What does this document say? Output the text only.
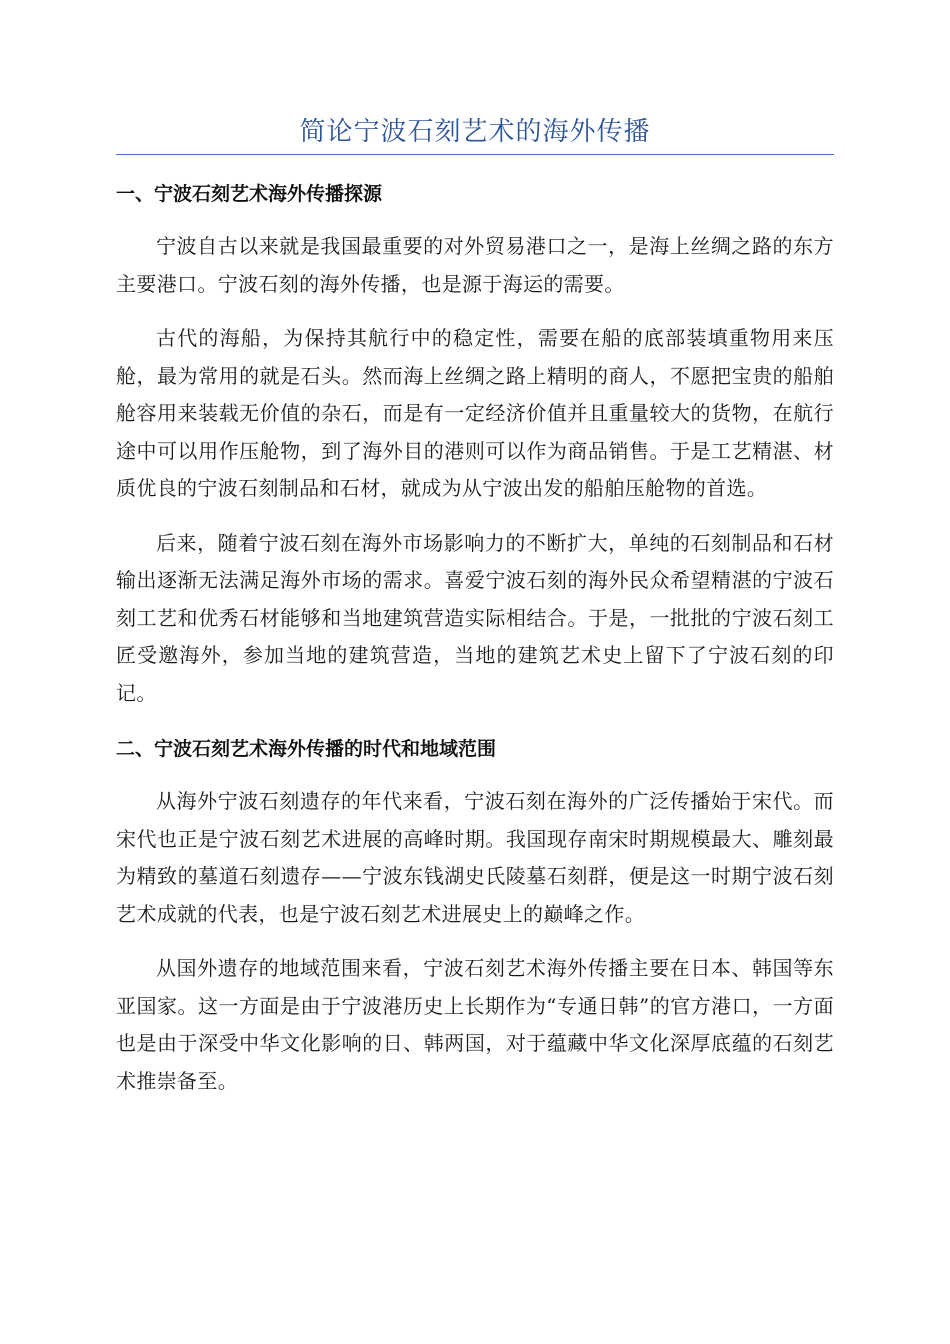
简论宁波石刻艺术的海外传播
一、宁波石刻艺术海外传播探源

宁波自古以来就是我国最重要的对外贸易港口之一，是海上丝绸之路的东方主要港口。宁波石刻的海外传播，也是源于海运的需要。

古代的海船，为保持其航行中的稳定性，需要在船的底部装填重物用来压舱，最为常用的就是石头。然而海上丝绸之路上精明的商人，不愿把宝贵的船舶舱容用来装载无价值的杂石，而是有一定经济价值并且重量较大的货物，在航行途中可以用作压舱物，到了海外目的港则可以作为商品销售。于是工艺精湛、材质优良的宁波石刻制品和石材，就成为从宁波出发的船舶压舱物的首选。

后来，随着宁波石刻在海外市场影响力的不断扩大，单纯的石刻制品和石材输出逐渐无法满足海外市场的需求。喜爱宁波石刻的海外民众希望精湛的宁波石刻工艺和优秀石材能够和当地建筑营造实际相结合。于是，一批批的宁波石刻工匠受邀海外，参加当地的建筑营造，当地的建筑艺术史上留下了宁波石刻的印记。

二、宁波石刻艺术海外传播的时代和地域范围

从海外宁波石刻遗存的年代来看，宁波石刻在海外的广泛传播始于宋代。而宋代也正是宁波石刻艺术进展的高峰时期。我国现存南宋时期规模最大、雕刻最为精致的墓道石刻遗存——宁波东钱湖史氏陵墓石刻群，便是这一时期宁波石刻艺术成就的代表，也是宁波石刻艺术进展史上的巅峰之作。

从国外遗存的地域范围来看，宁波石刻艺术海外传播主要在日本、韩国等东亚国家。这一方面是由于宁波港历史上长期作为“专通日韩”的官方港口，一方面也是由于深受中华文化影响的日、韩两国，对于蕴藏中华文化深厚底蕴的石刻艺术推崇备至。
